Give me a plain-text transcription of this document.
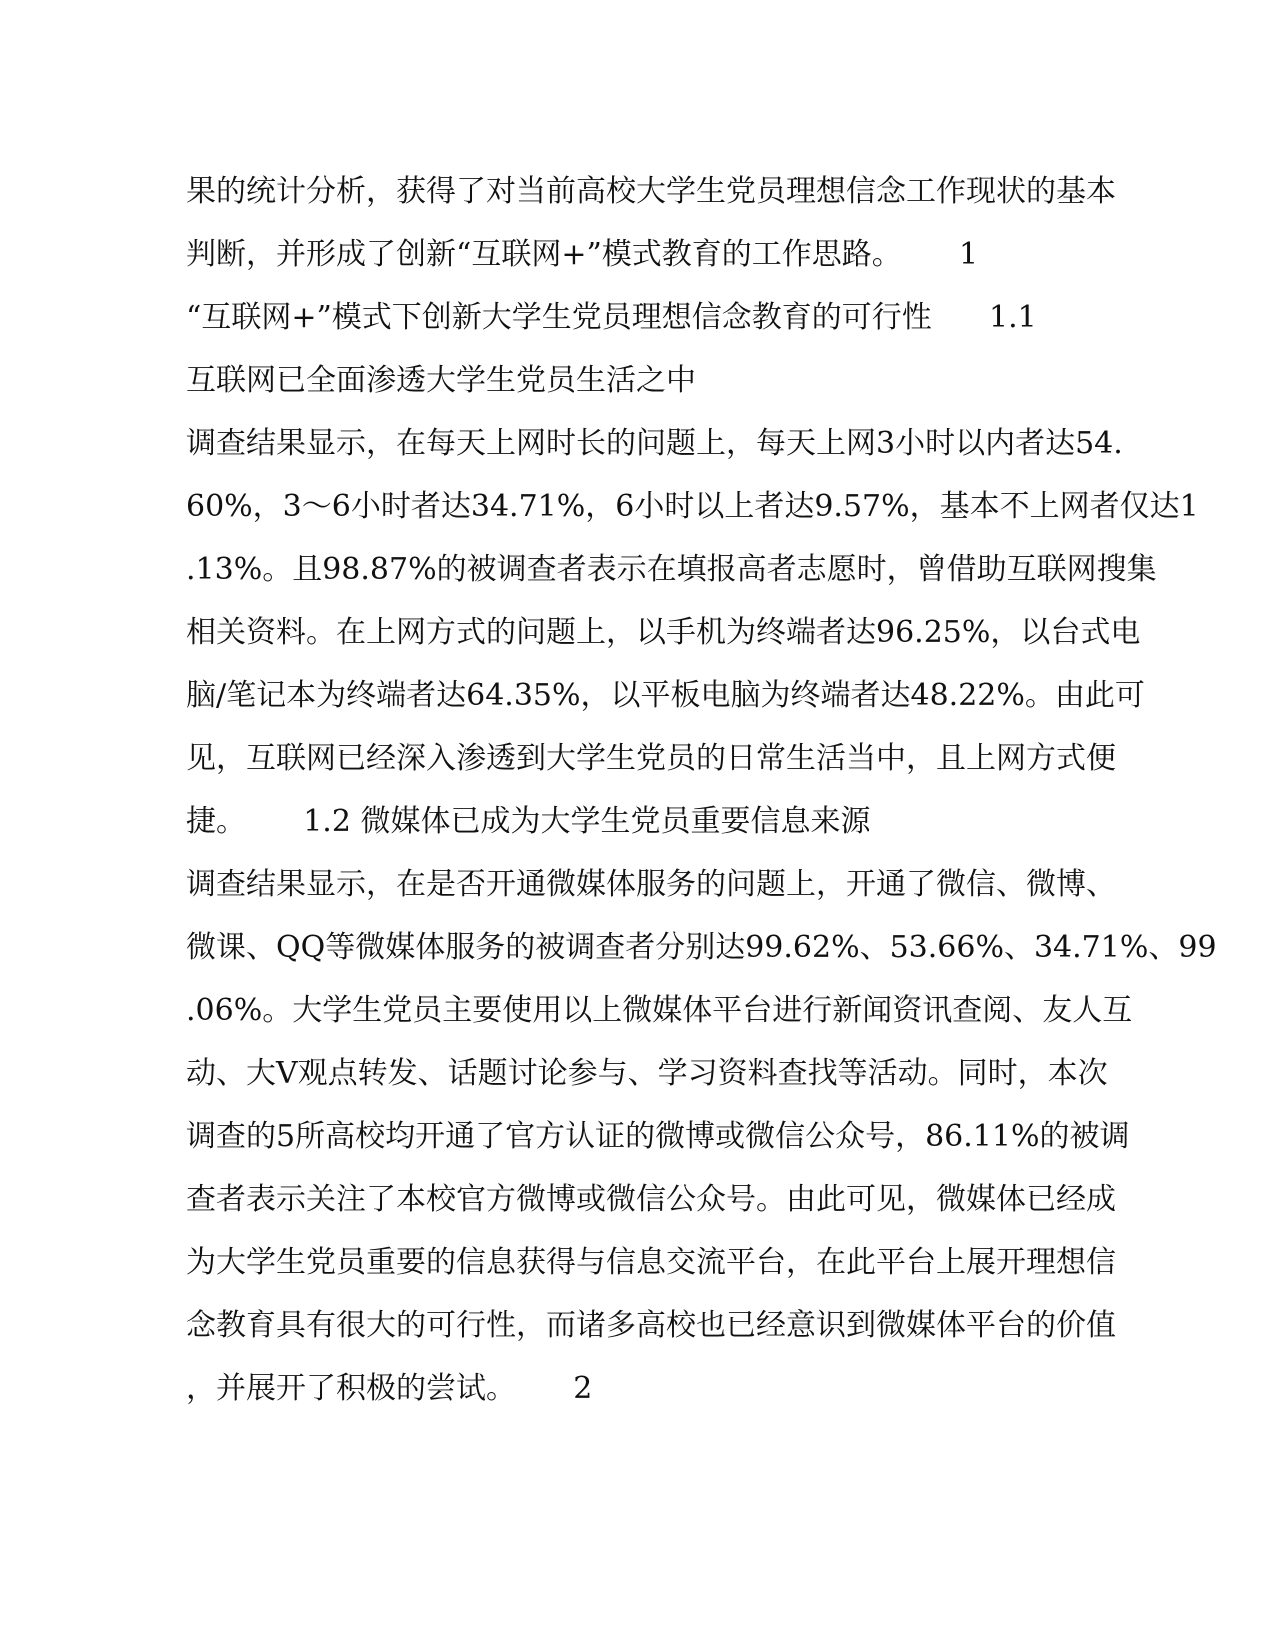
果的统计分析，获得了对当前高校大学生党员理想信念工作现状的基本
判断，并形成了创新“互联网+”模式教育的工作思路。      1
“互联网+”模式下创新大学生党员理想信念教育的可行性      1.1
互联网已全面渗透大学生党员生活之中
调查结果显示，在每天上网时长的问题上，每天上网3小时以内者达54.
60%，3～6小时者达34.71%，6小时以上者达9.57%，基本不上网者仅达1
.13%。且98.87%的被调查者表示在填报高者志愿时，曾借助互联网搜集
相关资料。在上网方式的问题上，以手机为终端者达96.25%，以台式电
脑/笔记本为终端者达64.35%，以平板电脑为终端者达48.22%。由此可
见，互联网已经深入渗透到大学生党员的日常生活当中，且上网方式便
捷。      1.2 微媒体已成为大学生党员重要信息来源
调查结果显示，在是否开通微媒体服务的问题上，开通了微信、微博、
微课、QQ等微媒体服务的被调查者分别达99.62%、53.66%、34.71%、99
.06%。大学生党员主要使用以上微媒体平台进行新闻资讯查阅、友人互
动、大V观点转发、话题讨论参与、学习资料查找等活动。同时，本次
调查的5所高校均开通了官方认证的微博或微信公众号，86.11%的被调
查者表示关注了本校官方微博或微信公众号。由此可见，微媒体已经成
为大学生党员重要的信息获得与信息交流平台，在此平台上展开理想信
念教育具有很大的可行性，而诸多高校也已经意识到微媒体平台的价值
，并展开了积极的尝试。      2
